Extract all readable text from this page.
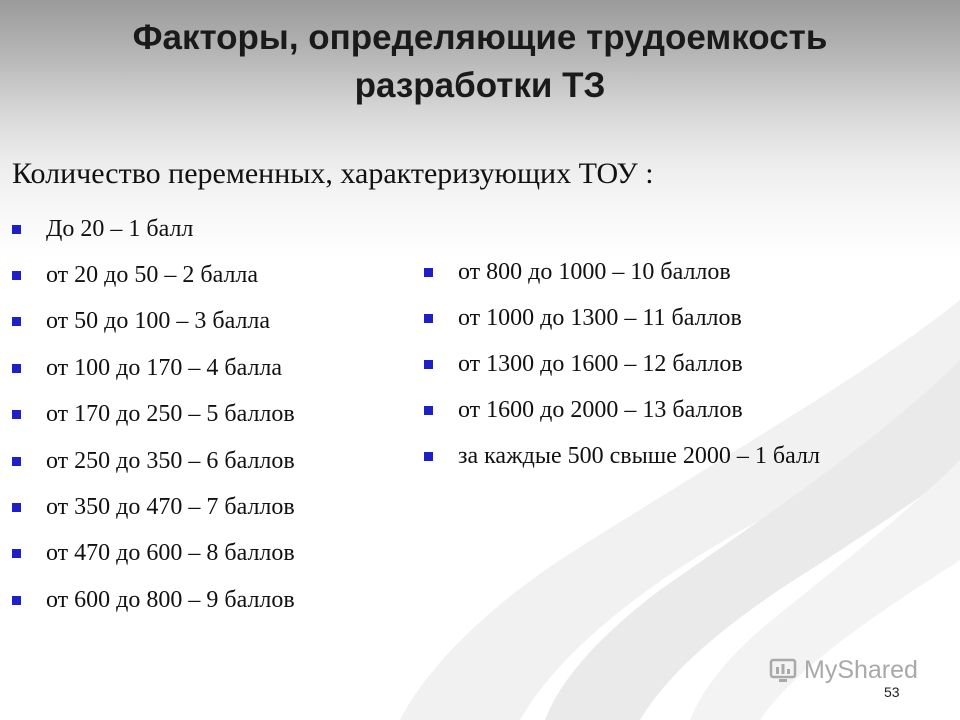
Факторы, определяющие трудоемкость разработки ТЗ
Количество переменных, характеризующих ТОУ :
До 20 – 1 балл
от 20 до 50 – 2 балла
от 50 до 100 – 3 балла
от 100 до 170 – 4 балла
от 170 до 250 – 5 баллов
от 250 до 350 – 6 баллов
от 350 до 470 – 7 баллов
от 470 до 600 – 8 баллов
от 600 до 800 – 9 баллов
от 800 до 1000 – 10 баллов
от 1000 до 1300 – 11 баллов
от 1300 до 1600 – 12 баллов
от 1600 до 2000 – 13 баллов
за каждые 500 свыше 2000 – 1 балл
MyShared
53
